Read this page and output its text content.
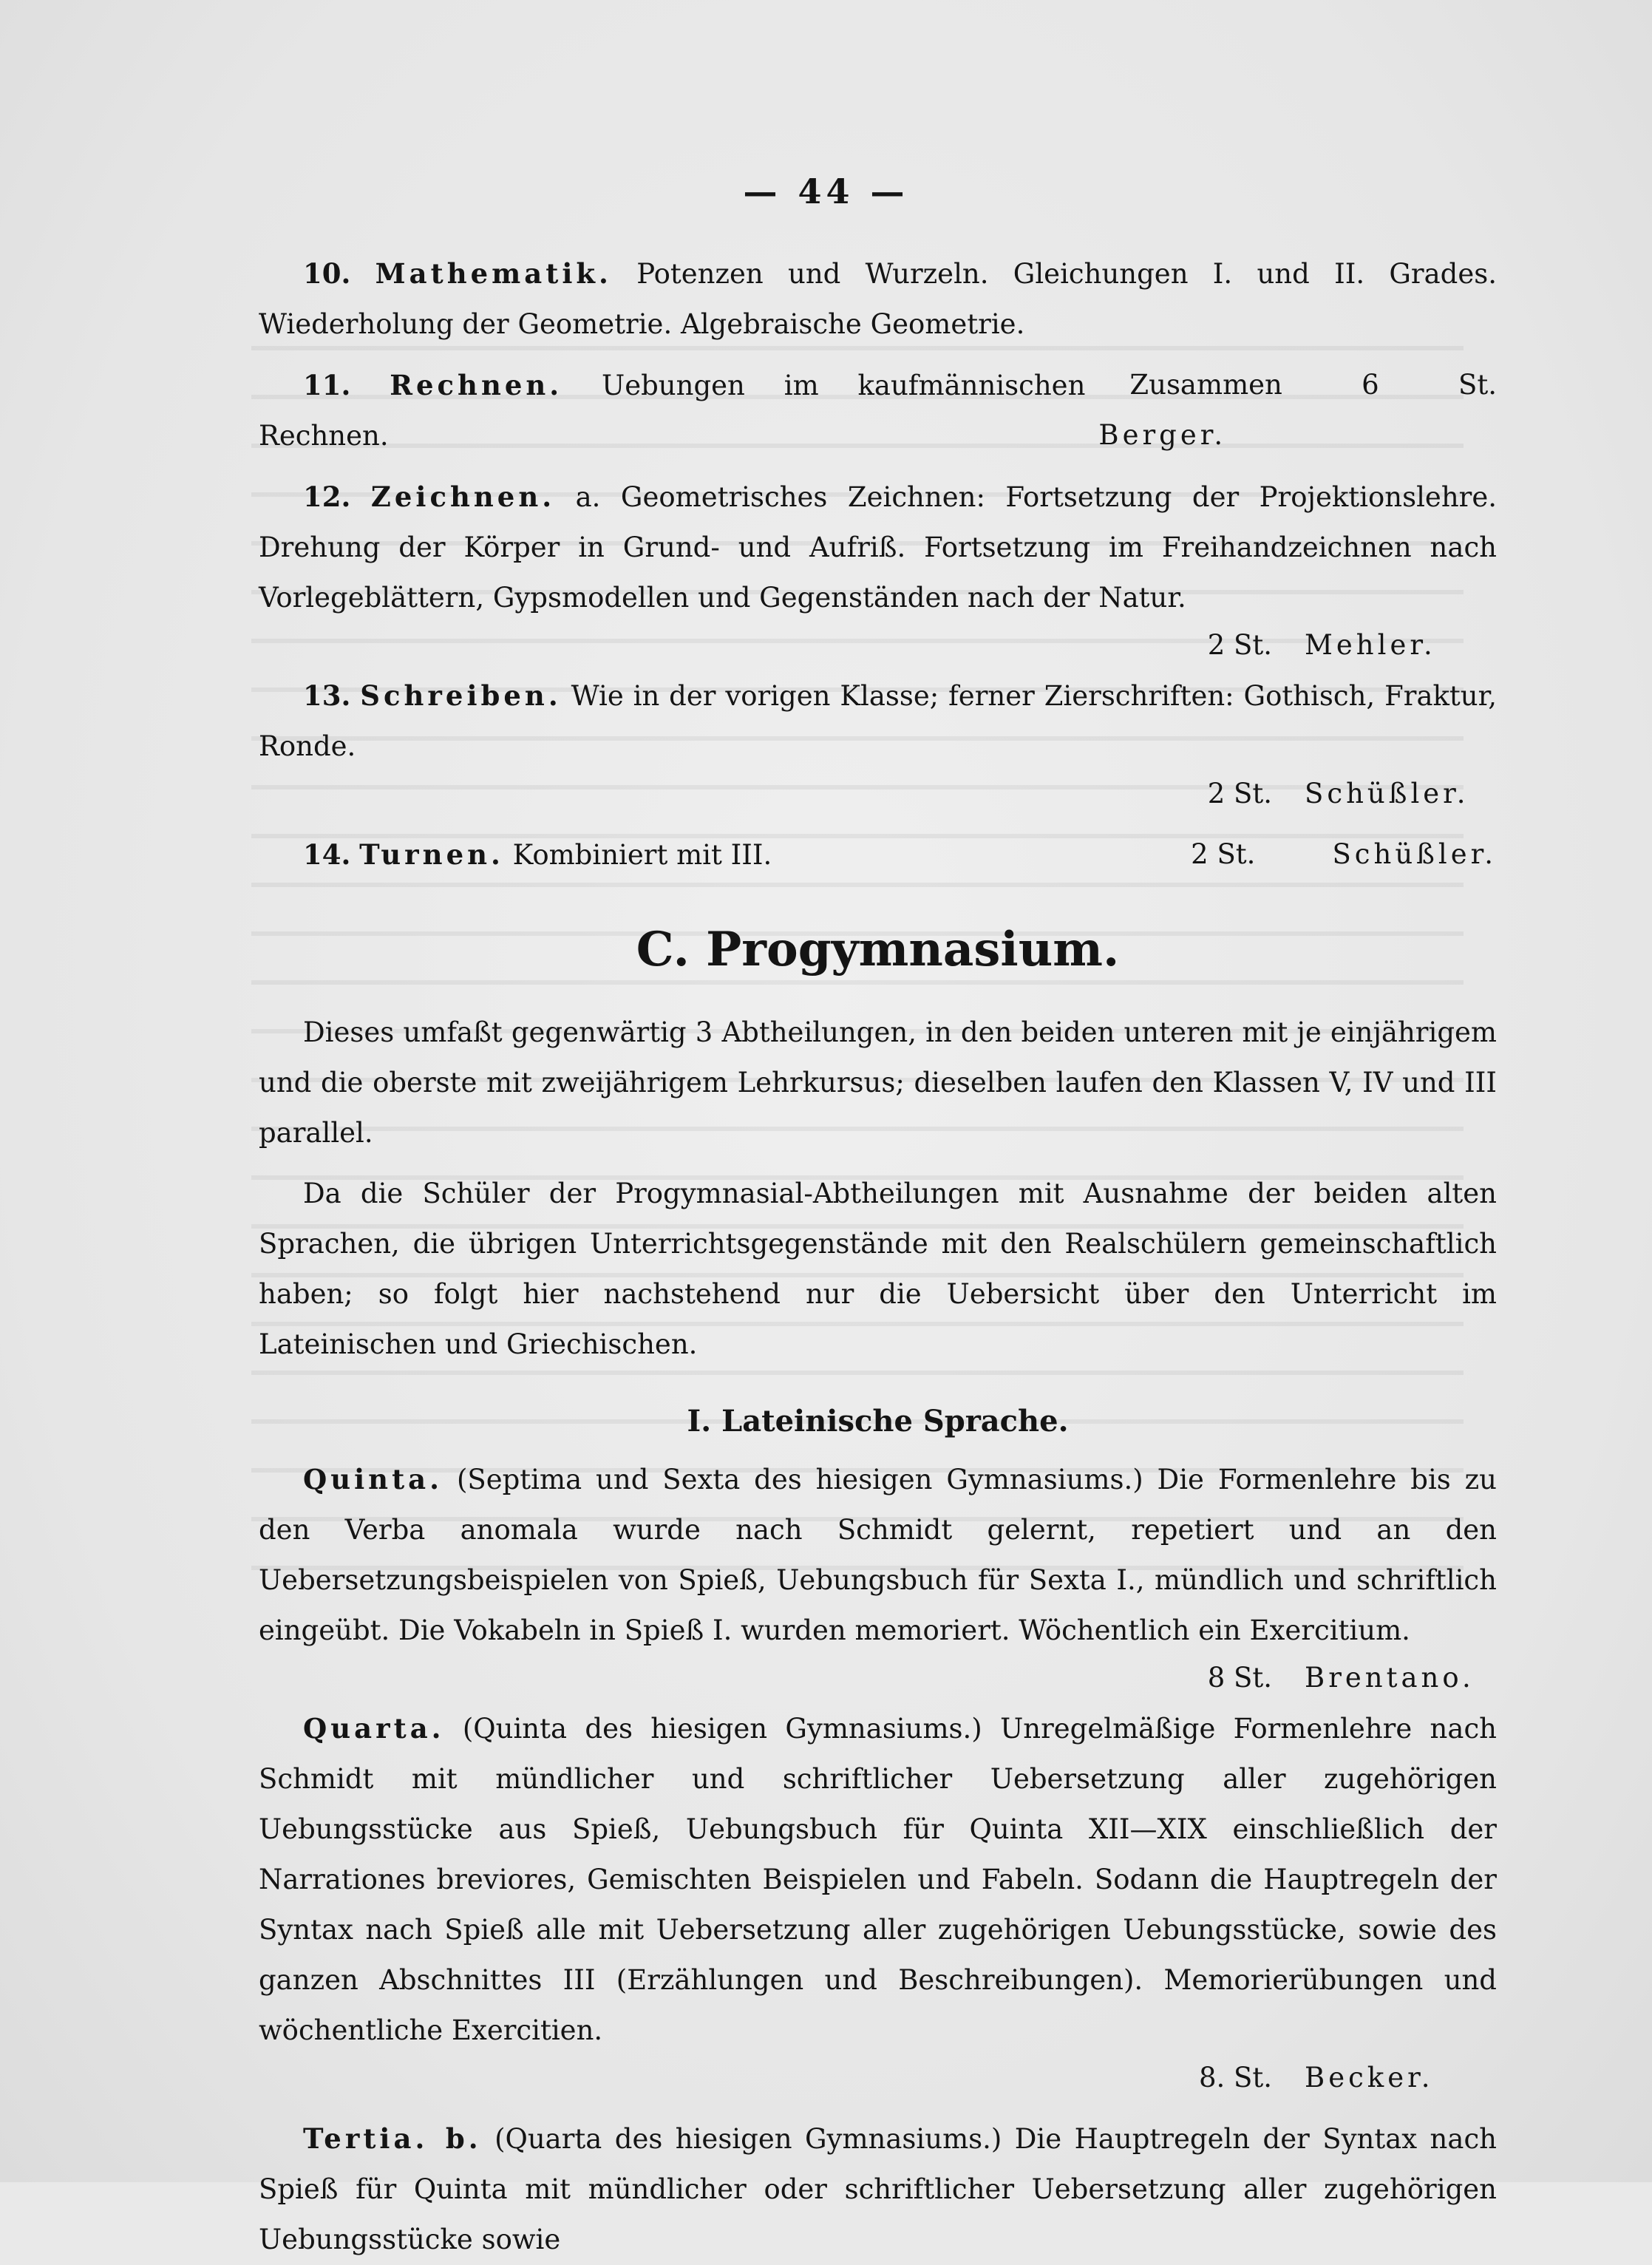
— 44 —

10. Mathematik. Potenzen und Wurzeln. Gleichungen I. und II. Grades. Wiederholung der Geometrie. Algebraische Geometrie.

11. Rechnen. Uebungen im kaufmännischen Rechnen.
Zusammen 6 St. Berger.

12. Zeichnen. a. Geometrisches Zeichnen: Fortsetzung der Projektionslehre. Drehung der Körper in Grund- und Aufriß. Fortsetzung im Freihandzeichnen nach Vorlegeblättern, Gypsmodellen und Gegenständen nach der Natur.

2 St. Mehler.

13. Schreiben. Wie in der vorigen Klasse; ferner Zierschriften: Gothisch, Fraktur, Ronde.

2 St. Schüßler.

14. Turnen. Kombiniert mit III.	2 St.	Schüßler.

C. Progymnasium.

Dieses umfaßt gegenwärtig 3 Abtheilungen, in den beiden unteren mit je einjährigem und die oberste mit zweijährigem Lehrkursus; dieselben laufen den Klassen V, IV und III parallel.

Da die Schüler der Progymnasial-Abtheilungen mit Ausnahme der beiden alten Sprachen, die übrigen Unterrichtsgegenstände mit den Realschülern gemeinschaftlich haben; so folgt hier nachstehend nur die Uebersicht über den Unterricht im Lateinischen und Griechischen.

I. Lateinische Sprache.

Quinta. (Septima und Sexta des hiesigen Gymnasiums.) Die Formenlehre bis zu den Verba anomala wurde nach Schmidt gelernt, repetiert und an den Uebersetzungsbeispielen von Spieß, Uebungsbuch für Sexta I., mündlich und schriftlich eingeübt. Die Vokabeln in Spieß I. wurden memoriert. Wöchentlich ein Exercitium.

8 St. Brentano.

Quarta. (Quinta des hiesigen Gymnasiums.) Unregelmäßige Formenlehre nach Schmidt mit mündlicher und schriftlicher Uebersetzung aller zugehörigen Uebungsstücke aus Spieß, Uebungsbuch für Quinta XII—XIX einschließlich der Narrationes breviores, Gemischten Beispielen und Fabeln. Sodann die Hauptregeln der Syntax nach Spieß alle mit Uebersetzung aller zugehörigen Uebungsstücke, sowie des ganzen Abschnittes III (Erzählungen und Beschreibungen). Memorierübungen und wöchentliche Exercitien.

8. St. Becker.

Tertia. b. (Quarta des hiesigen Gymnasiums.) Die Hauptregeln der Syntax nach Spieß für Quinta mit mündlicher oder schriftlicher Uebersetzung aller zugehörigen Uebungsstücke sowie
